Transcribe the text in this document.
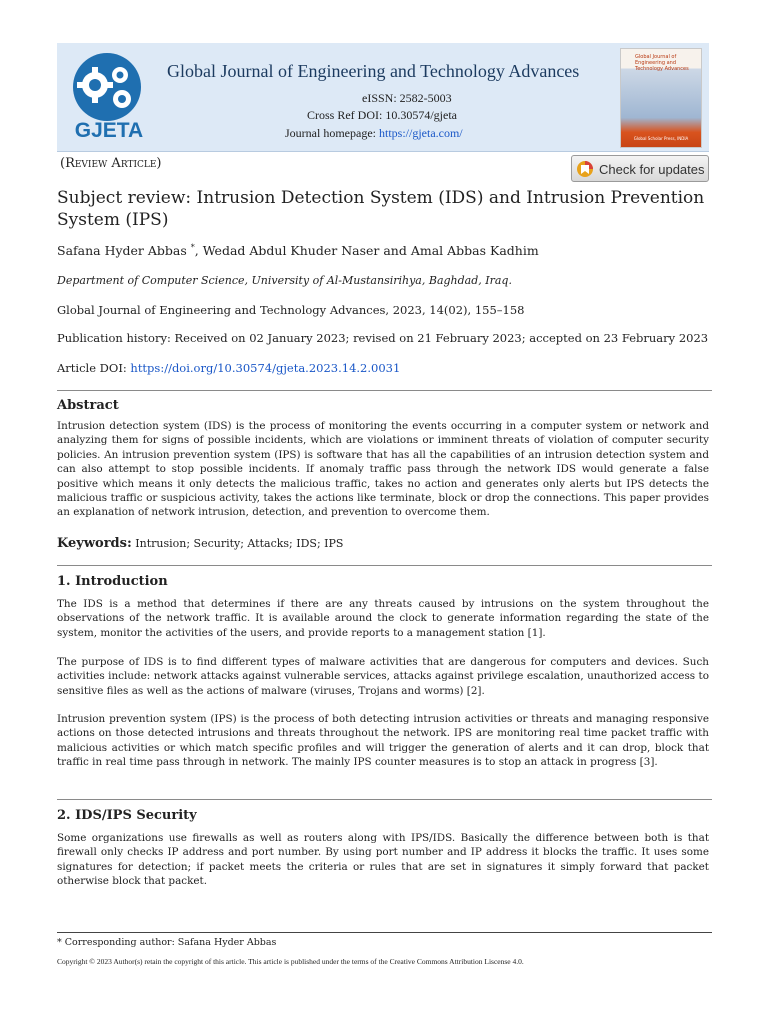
GJETA
Global Journal of Engineering and Technology Advances
eISSN: 2582-5003
Cross Ref DOI: 10.30574/gjeta
Journal homepage: https://gjeta.com/
Global Journal of Engineering and Technology Advances
Global Scholar Press, INDIA
(Review Article)	Check for updates
Subject review: Intrusion Detection System (IDS) and Intrusion Prevention System (IPS)
Safana Hyder Abbas *, Wedad Abdul Khuder Naser and Amal Abbas Kadhim
Department of Computer Science, University of Al-Mustansirihya, Baghdad, Iraq.
Global Journal of Engineering and Technology Advances, 2023, 14(02), 155–158
Publication history: Received on 02 January 2023; revised on 21 February 2023; accepted on 23 February 2023
Article DOI: https://doi.org/10.30574/gjeta.2023.14.2.0031
Abstract

Intrusion detection system (IDS) is the process of monitoring the events occurring in a computer system or network and analyzing them for signs of possible incidents, which are violations or imminent threats of violation of computer security policies. An intrusion prevention system (IPS) is software that has all the capabilities of an intrusion detection system and can also attempt to stop possible incidents. If anomaly traffic pass through the network IDS would generate a false positive which means it only detects the malicious traffic, takes no action and generates only alerts but IPS detects the malicious traffic or suspicious activity, takes the actions like terminate, block or drop the connections. This paper provides an explanation of network intrusion, detection, and prevention to overcome them.

Keywords: Intrusion; Security; Attacks; IDS; IPS
1. Introduction

The IDS is a method that determines if there are any threats caused by intrusions on the system throughout the observations of the network traffic. It is available around the clock to generate information regarding the state of the system, monitor the activities of the users, and provide reports to a management station [1].

The purpose of IDS is to find different types of malware activities that are dangerous for computers and devices. Such activities include: network attacks against vulnerable services, attacks against privilege escalation, unauthorized access to sensitive files as well as the actions of malware (viruses, Trojans and worms) [2].

Intrusion prevention system (IPS) is the process of both detecting intrusion activities or threats and managing responsive actions on those detected intrusions and threats throughout the network. IPS are monitoring real time packet traffic with malicious activities or which match specific profiles and will trigger the generation of alerts and it can drop, block that traffic in real time pass through in network. The mainly IPS counter measures is to stop an attack in progress [3].

2. IDS/IPS Security

Some organizations use firewalls as well as routers along with IPS/IDS. Basically the difference between both is that firewall only checks IP address and port number. By using port number and IP address it blocks the traffic. It uses some signatures for detection; if packet meets the criteria or rules that are set in signatures it simply forward that packet otherwise block that packet.

* Corresponding author: Safana Hyder Abbas
Copyright © 2023 Author(s) retain the copyright of this article. This article is published under the terms of the Creative Commons Attribution Liscense 4.0.
